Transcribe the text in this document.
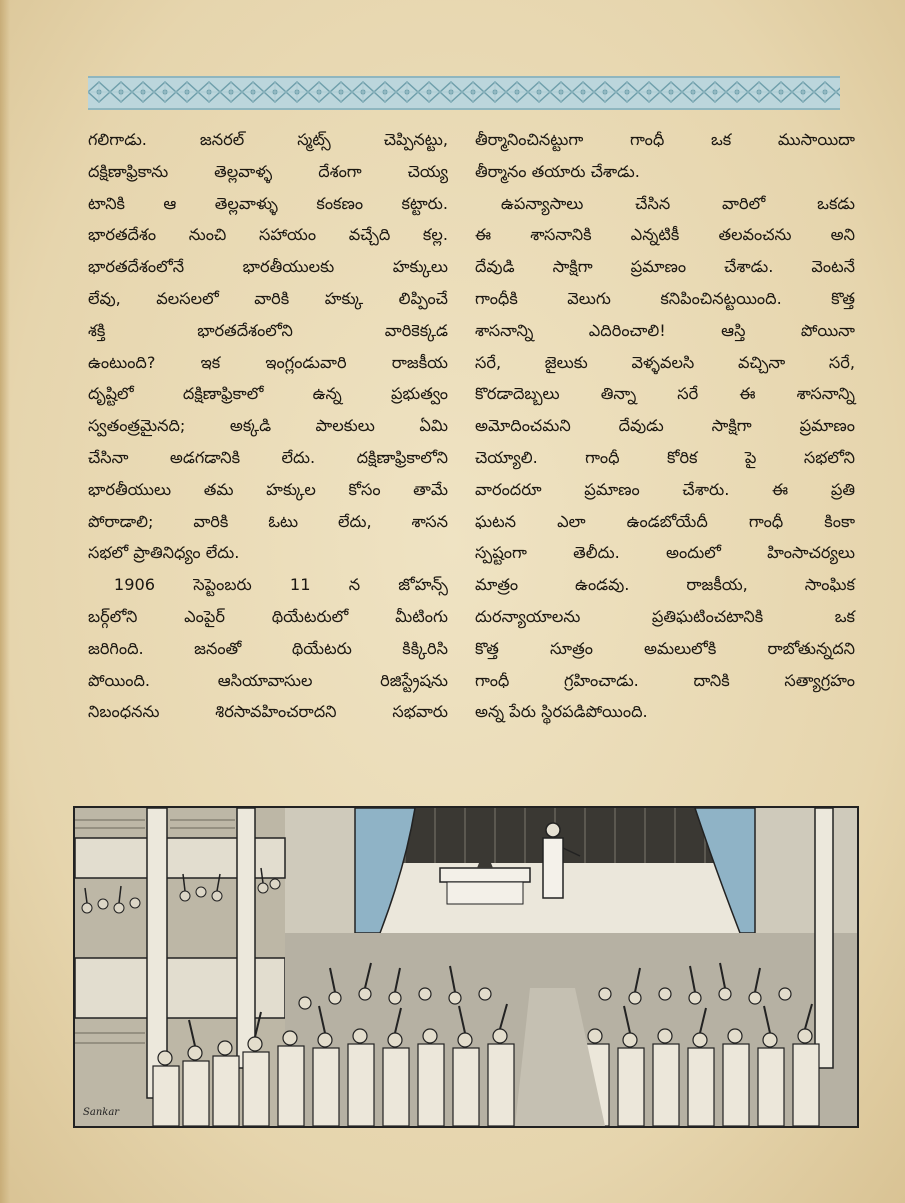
గలిగాడు. జనరల్ స్మట్స్ చెప్పినట్టు,

దక్షిణాఫ్రికాను తెల్లవాళ్ళ దేశంగా చెయ్య

టానికి ఆ తెల్లవాళ్ళు కంకణం కట్టారు.

భారతదేశం నుంచి సహాయం వచ్చేది కల్ల.

భారతదేశంలోనే భారతీయులకు హక్కులు

లేవు, వలసలలో వారికి హక్కు లిప్పించే

శక్తి భారతదేశంలోని వారికెక్కడ

ఉంటుంది? ఇక ఇంగ్లండువారి రాజకీయ

దృష్టిలో దక్షిణాఫ్రికాలో ఉన్న ప్రభుత్వం

స్వతంత్రమైనది; అక్కడి పాలకులు ఏమి

చేసినా అడగడానికి లేదు. దక్షిణాఫ్రికాలోని

భారతీయులు తమ హక్కుల కోసం తామే

పోరాడాలి; వారికి ఓటు లేదు, శాసన

సభలో ప్రాతినిధ్యం లేదు.

1906 సెప్టెంబరు 11 న జోహన్స్

బర్గ్‌లోని ఎంపైర్ థియేటరులో మీటింగు

జరిగింది. జనంతో థియేటరు కిక్కిరిసి

పోయింది. ఆసియావాసుల రిజిస్ట్రేషను

నిబంధనను శిరసావహించరాదని సభవారు

తీర్మానించినట్టుగా గాంధీ ఒక ముసాయిదా

తీర్మానం తయారు చేశాడు.

ఉపన్యాసాలు చేసిన వారిలో ఒకడు

ఈ శాసనానికి ఎన్నటికీ తలవంచను అని

దేవుడి సాక్షిగా ప్రమాణం చేశాడు. వెంటనే

గాంధీకి వెలుగు కనిపించినట్టయింది. కొత్త

శాసనాన్ని ఎదిరించాలి! ఆస్తి పోయినా

సరే, జైలుకు వెళ్ళవలసి వచ్చినా సరే,

కొరడాదెబ్బలు తిన్నా సరే ఈ శాసనాన్ని

అమోదించమని దేవుడు సాక్షిగా ప్రమాణం

చెయ్యాలి. గాంధీ కోరిక పై సభలోని

వారందరూ ప్రమాణం చేశారు. ఈ ప్రతి

ఘటన ఎలా ఉండబోయేదీ గాంధీ కింకా

స్పష్టంగా తెలీదు. అందులో హింసాచర్యలు

మాత్రం ఉండవు. రాజకీయ, సాంఘిక

దురన్యాయాలను ప్రతిఘటించటానికి ఒక

కొత్త సూత్రం అమలులోకి రాబోతున్నదని

గాంధీ గ్రహించాడు. దానికి సత్యాగ్రహం

అన్న పేరు స్థిరపడిపోయింది.

Sankar
